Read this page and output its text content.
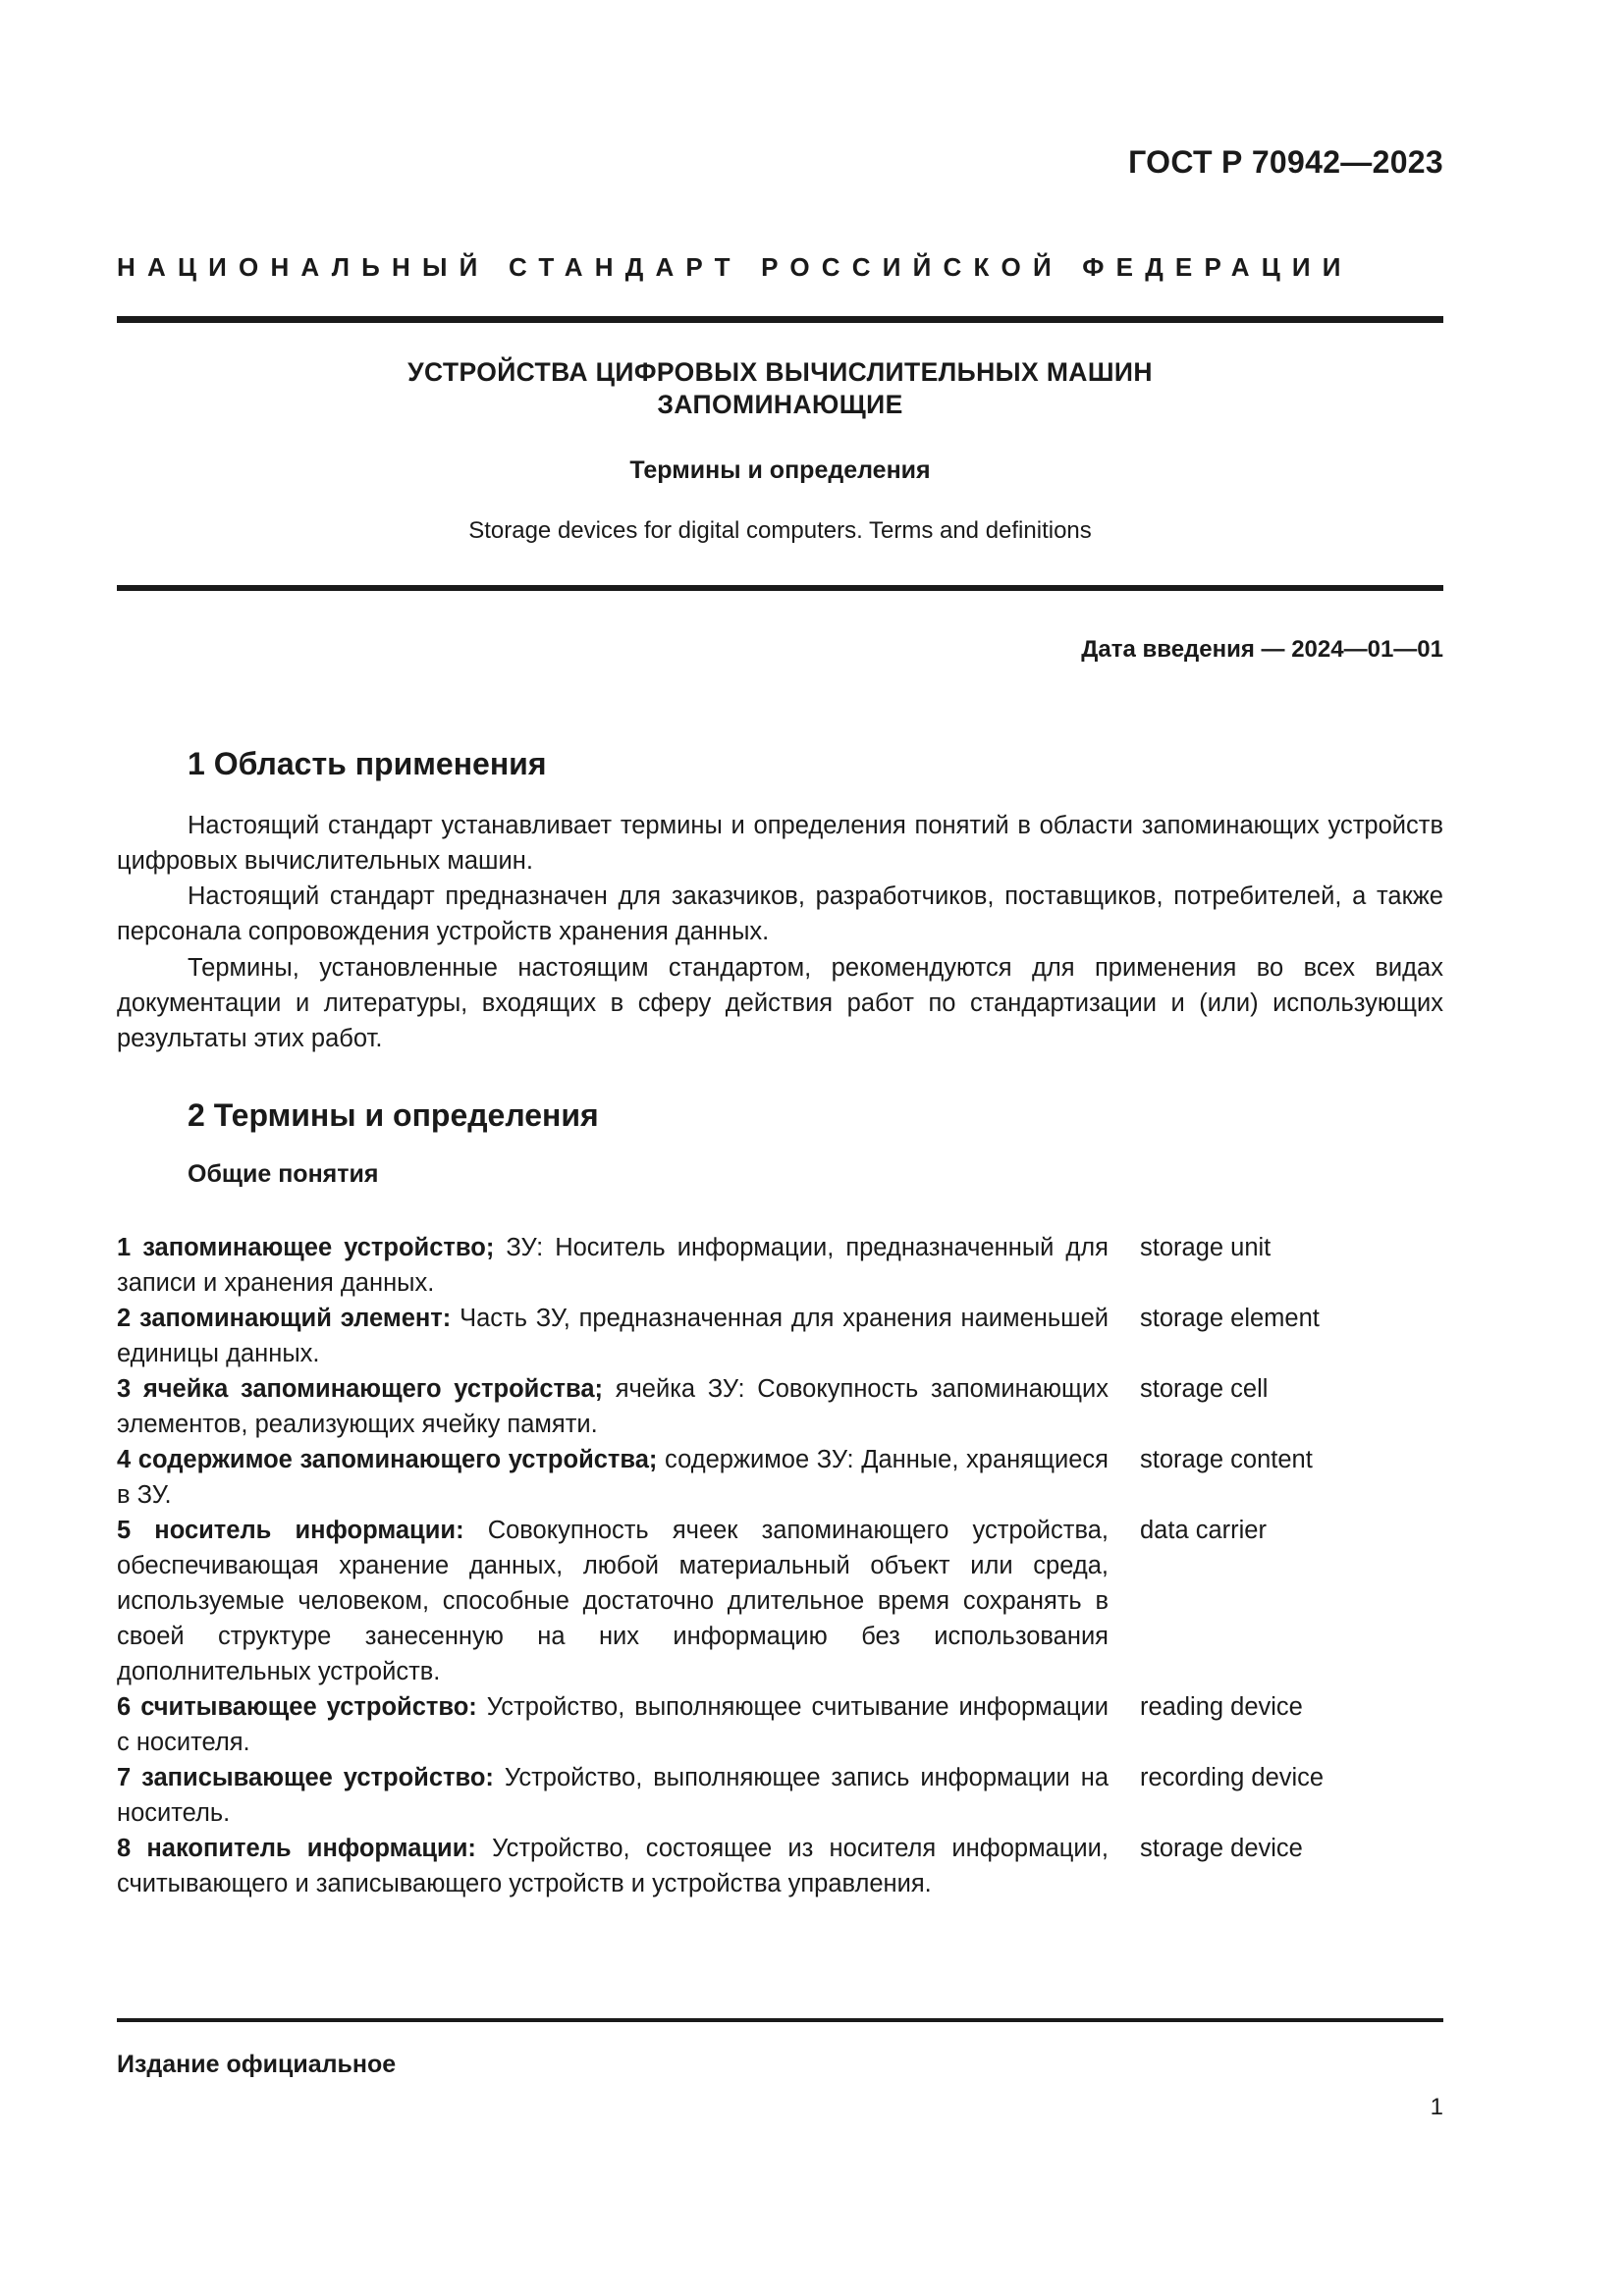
ГОСТ Р 70942—2023
НАЦИОНАЛЬНЫЙ СТАНДАРТ РОССИЙСКОЙ ФЕДЕРАЦИИ
УСТРОЙСТВА ЦИФРОВЫХ ВЫЧИСЛИТЕЛЬНЫХ МАШИН
ЗАПОМИНАЮЩИЕ
Термины и определения
Storage devices for digital computers. Terms and definitions
Дата введения — 2024—01—01
1 Область применения
Настоящий стандарт устанавливает термины и определения понятий в области запоминающих устройств цифровых вычислительных машин.
Настоящий стандарт предназначен для заказчиков, разработчиков, поставщиков, потребителей, а также персонала сопровождения устройств хранения данных.
Термины, установленные настоящим стандартом, рекомендуются для применения во всех видах документации и литературы, входящих в сферу действия работ по стандартизации и (или) использующих результаты этих работ.
2 Термины и определения
Общие понятия
1 запоминающее устройство; ЗУ: Носитель информации, предназначенный для записи и хранения данных.
storage unit
2 запоминающий элемент: Часть ЗУ, предназначенная для хранения наименьшей единицы данных.
storage element
3 ячейка запоминающего устройства; ячейка ЗУ: Совокупность запоминающих элементов, реализующих ячейку памяти.
storage cell
4 содержимое запоминающего устройства; содержимое ЗУ: Данные, хранящиеся в ЗУ.
storage content
5 носитель информации: Совокупность ячеек запоминающего устройства, обеспечивающая хранение данных, любой материальный объект или среда, используемые человеком, способные достаточно длительное время сохранять в своей структуре занесенную на них информацию без использования дополнительных устройств.
data carrier
6 считывающее устройство: Устройство, выполняющее считывание информации с носителя.
reading device
7 записывающее устройство: Устройство, выполняющее запись информации на носитель.
recording device
8 накопитель информации: Устройство, состоящее из носителя информации, считывающего и записывающего устройств и устройства управления.
storage device
Издание официальное
1
